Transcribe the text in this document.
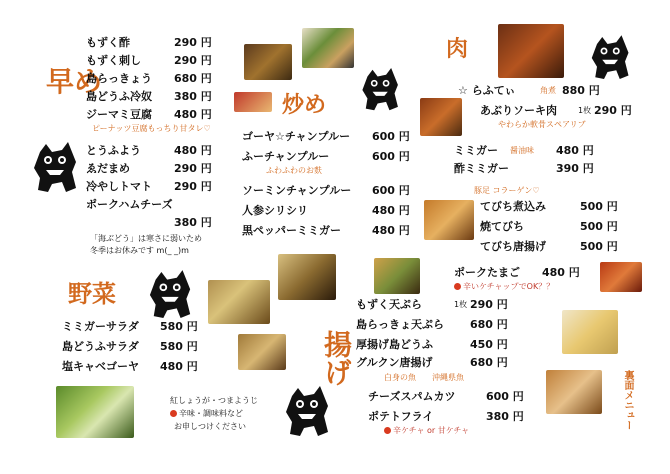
早め
もずく酢	290 円
もずく刺し	290 円
島らっきょう 680 円
島どうふ冷奴 380 円
ジーマミ豆腐 480 円
ピーナッツ豆腐もっちり甘タレ♡
とうふよう	480 円
ゑだまめ	290 円
冷やしトマト 290 円
ポークハムチーズ
380 円
「海ぶどう」は寒さに弱いため
冬季はお休みです m(_ _)m
野菜
ミミガーサラダ 580 円
島どうふサラダ 580 円
塩キャベゴーヤ 480 円
紅しょうが・つまようじ
辛味・調味料など
お申しつけください
炒め
ゴーヤ☆チャンプルー 600 円
ふーチャンプルー	600 円
ふわふわのお麩
ソーミンチャンプルー 600 円
人参シリシリ	480 円
黒ペッパーミミガー	480 円
肉
☆ らふてぃ	角煮 880 円
あぶりソーキ肉	1枚 290 円
やわらか軟骨スペアリブ
ミミガー 醤油味 480 円
酢ミミガー	390 円
豚足 コラーゲン♡
てびち煮込み	500 円
焼てびち	500 円
てびち唐揚げ	500 円
ポークたまご 480 円
辛いケチャップでOK？？
揚げ
もずく天ぷら	1枚 290 円
島らっきょ天ぷら 680 円
厚揚げ島どうふ	450 円
グルクン唐揚げ	680 円
白身の魚 沖縄県魚
チーズスパムカツ	600 円
ポテトフライ	380 円
辛ケチャ or 甘ケチャ
裏面メニュー
